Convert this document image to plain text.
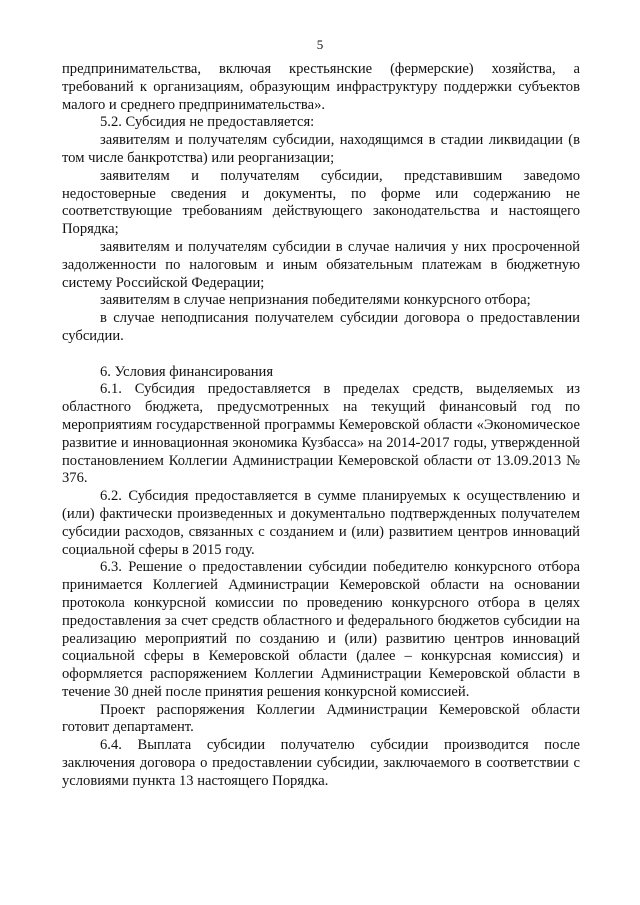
5

предпринимательства, включая крестьянские (фермерские) хозяйства, а требований к организациям, образующим инфраструктуру поддержки субъектов малого и среднего предпринимательства».

5.2. Субсидия не предоставляется:

заявителям и получателям субсидии, находящимся в стадии ликвидации (в том числе банкротства) или реорганизации;

заявителям и получателям субсидии, представившим заведомо недостоверные сведения и документы, по форме или содержанию не соответствующие требованиям действующего законодательства и настоящего Порядка;

заявителям и получателям субсидии в случае наличия у них просроченной задолженности по налоговым и иным обязательным платежам в бюджетную систему Российской Федерации;

заявителям в случае непризнания победителями конкурсного отбора;

в случае неподписания получателем субсидии договора о предоставлении субсидии.

6. Условия финансирования

6.1. Субсидия предоставляется в пределах средств, выделяемых из областного бюджета, предусмотренных на текущий финансовый год по мероприятиям государственной программы Кемеровской области «Экономическое развитие и инновационная экономика Кузбасса» на 2014-2017 годы, утвержденной постановлением Коллегии Администрации Кемеровской области от 13.09.2013 № 376.

6.2. Субсидия предоставляется в сумме планируемых к осуществлению и (или) фактически произведенных и документально подтвержденных получателем субсидии расходов, связанных с созданием и (или) развитием центров инноваций социальной сферы в 2015 году.

6.3. Решение о предоставлении субсидии победителю конкурсного отбора принимается Коллегией Администрации Кемеровской области на основании протокола конкурсной комиссии по проведению конкурсного отбора в целях предоставления за счет средств областного и федерального бюджетов субсидии на реализацию мероприятий по созданию и (или) развитию центров инноваций социальной сферы в Кемеровской области (далее – конкурсная комиссия) и оформляется распоряжением Коллегии Администрации Кемеровской области в течение 30 дней после принятия решения конкурсной комиссией.

Проект распоряжения Коллегии Администрации Кемеровской области готовит департамент.

6.4. Выплата субсидии получателю субсидии производится после заключения договора о предоставлении субсидии, заключаемого в соответствии с условиями пункта 13 настоящего Порядка.
